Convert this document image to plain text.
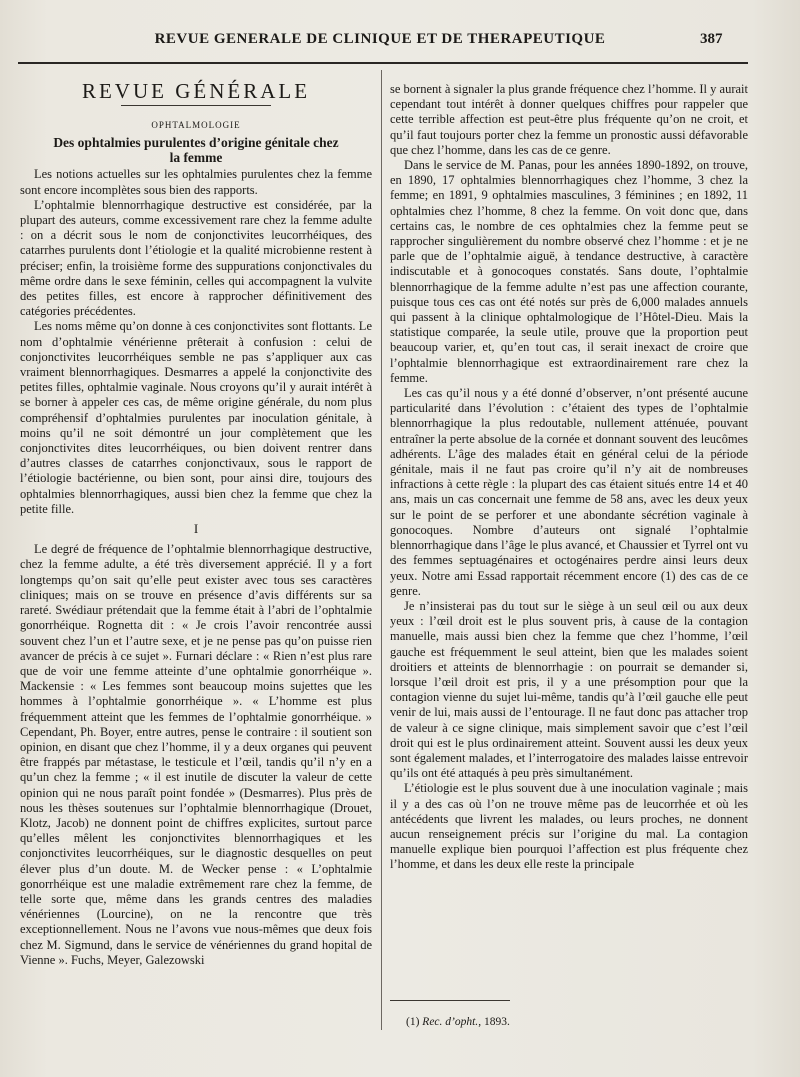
REVUE GENERALE DE CLINIQUE ET DE THERAPEUTIQUE	387
REVUE GÉNÉRALE
OPHTALMOLOGIE
Des ophtalmies purulentes d’origine génitale chez la femme

Les notions actuelles sur les ophtalmies purulentes chez la femme sont encore incomplètes sous bien des rapports.

L’ophtalmie blennorrhagique destructive est considérée, par la plupart des auteurs, comme excessivement rare chez la femme adulte : on a décrit sous le nom de conjonctivites leucorrhéiques, des catarrhes purulents dont l’étiologie et la qualité microbienne restent à préciser; enfin, la troisième forme des suppurations conjonctivales du même ordre dans le sexe féminin, celles qui accompagnent la vulvite des petites filles, est encore à rapprocher définitivement des catégories précédentes.

Les noms même qu’on donne à ces conjonctivites sont flottants. Le nom d’ophtalmie vénérienne prêterait à confusion : celui de conjonctivites leucorrhéiques semble ne pas s’appliquer aux cas vraiment blennorrhagiques. Desmarres a appelé la conjonctivite des petites filles, ophtalmie vaginale. Nous croyons qu’il y aurait intérêt à se borner à appeler ces cas, de même origine générale, du nom plus compréhensif d’ophtalmies purulentes par inoculation génitale, à moins qu’il ne soit démontré un jour complètement que les conjonctivites dites leucorrhéiques, ou bien doivent rentrer dans d’autres classes de catarrhes conjonctivaux, sous le rapport de l’étiologie bactérienne, ou bien sont, pour ainsi dire, toujours des ophtalmies blennorrhagiques, aussi bien chez la femme que chez la petite fille.

I

Le degré de fréquence de l’ophtalmie blennorrhagique destructive, chez la femme adulte, a été très diversement apprécié. Il y a fort longtemps qu’on sait qu’elle peut exister avec tous ses caractères cliniques; mais on se trouve en présence d’avis différents sur sa rareté. Swédiaur prétendait que la femme était à l’abri de l’ophtalmie gonorrhéique. Rognetta dit : « Je crois l’avoir rencontrée aussi souvent chez l’un et l’autre sexe, et je ne pense pas qu’on puisse rien avancer de précis à ce sujet ». Furnari déclare : « Rien n’est plus rare que de voir une femme atteinte d’une ophtalmie gonorrhéique ». Mackensie : « Les femmes sont beaucoup moins sujettes que les hommes à l’ophtalmie gonorrhéique ». « L’homme est plus fréquemment atteint que les femmes de l’ophtalmie gonorrhéique. » Cependant, Ph. Boyer, entre autres, pense le contraire : il soutient son opinion, en disant que chez l’homme, il y a deux organes qui peuvent être frappés par métastase, le testicule et l’œil, tandis qu’il n’y en a qu’un chez la femme ; « il est inutile de discuter la valeur de cette opinion qui ne nous paraît point fondée » (Desmarres). Plus près de nous les thèses soutenues sur l’ophtalmie blennorrhagique (Drouet, Klotz, Jacob) ne donnent point de chiffres explicites, surtout parce qu’elles mêlent les conjonctivites blennorrhagiques et les conjonctivites leucorrhéiques, sur le diagnostic desquelles on peut élever plus d’un doute. M. de Wecker pense : « L’ophtalmie gonorrhéique est une maladie extrêmement rare chez la femme, de telle sorte que, même dans les grands centres des maladies vénériennes (Lourcine), on ne la rencontre que très exceptionnellement. Nous ne l’avons vue nous-mêmes que deux fois chez M. Sigmund, dans le service de vénériennes du grand hopital de Vienne ». Fuchs, Meyer, Galezowski

se bornent à signaler la plus grande fréquence chez l’homme. Il y aurait cependant tout intérêt à donner quelques chiffres pour rappeler que cette terrible affection est peut-être plus fréquente qu’on ne croit, et qu’il faut toujours porter chez la femme un pronostic aussi défavorable que chez l’homme, dans les cas de ce genre.

Dans le service de M. Panas, pour les années 1890-1892, on trouve, en 1890, 17 ophtalmies blennorrhagiques chez l’homme, 3 chez la femme; en 1891, 9 ophtalmies masculines, 3 féminines ; en 1892, 11 ophtalmies chez l’homme, 8 chez la femme. On voit donc que, dans certains cas, le nombre de ces ophtalmies chez la femme peut se rapprocher singulièrement du nombre observé chez l’homme : et je ne parle que de l’ophtalmie aiguë, à tendance destructive, à caractère indiscutable et à gonocoques constatés. Sans doute, l’ophtalmie blennorrhagique de la femme adulte n’est pas une affection courante, puisque tous ces cas ont été notés sur près de 6,000 malades annuels qui passent à la clinique ophtalmologique de l’Hôtel-Dieu. Mais la statistique comparée, la seule utile, prouve que la proportion peut beaucoup varier, et, qu’en tout cas, il serait inexact de croire que l’ophtalmie blennorrhagique est extraordinairement rare chez la femme.

Les cas qu’il nous y a été donné d’observer, n’ont présenté aucune particularité dans l’évolution : c’étaient des types de l’ophtalmie blennorrhagique la plus redoutable, nullement atténuée, pouvant entraîner la perte absolue de la cornée et donnant souvent des leucômes adhérents. L’âge des malades était en général celui de la période génitale, mais il ne faut pas croire qu’il n’y ait de nombreuses infractions à cette règle : la plupart des cas étaient situés entre 14 et 40 ans, mais un cas concernait une femme de 58 ans, avec les deux yeux sur le point de se perforer et une abondante sécrétion vaginale à gonocoques. Nombre d’auteurs ont signalé l’ophtalmie blennorrhagique dans l’âge le plus avancé, et Chaussier et Tyrrel ont vu des femmes septuagénaires et octogénaires perdre ainsi leurs deux yeux. Notre ami Essad rapportait récemment encore (1) des cas de ce genre.

Je n’insisterai pas du tout sur le siège à un seul œil ou aux deux yeux : l’œil droit est le plus souvent pris, à cause de la contagion manuelle, mais aussi bien chez la femme que chez l’homme, l’œil gauche est fréquemment le seul atteint, bien que les malades soient droitiers et atteints de blennorrhagie : on pourrait se demander si, lorsque l’œil droit est pris, il y a une présomption pour que la contagion vienne du sujet lui-même, tandis qu’à l’œil gauche elle peut venir de lui, mais aussi de l’entourage. Il ne faut donc pas attacher trop de valeur à ce signe clinique, mais simplement savoir que c’est l’œil droit qui est le plus ordinairement atteint. Souvent aussi les deux yeux sont également malades, et l’interrogatoire des malades laisse entrevoir qu’ils ont été attaqués à peu près simultanément.

L’étiologie est le plus souvent due à une inoculation vaginale ; mais il y a des cas où l’on ne trouve même pas de leucorrhée et où les antécédents que livrent les malades, ou leurs proches, ne donnent aucun renseignement précis sur l’origine du mal. La contagion manuelle explique bien pourquoi l’affection est plus fréquente chez l’homme, et dans les deux elle reste la principale

(1) Rec. d’opht., 1893.
